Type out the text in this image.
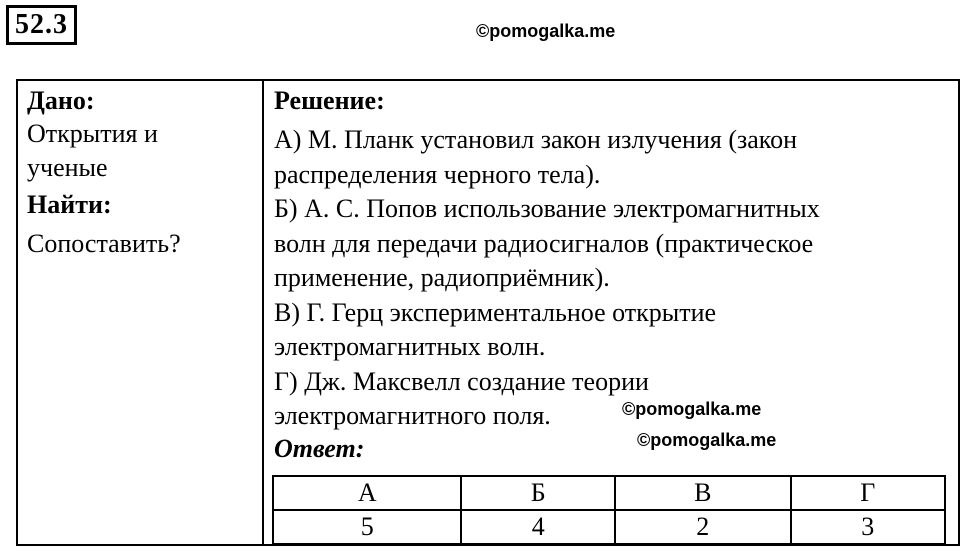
52.3	©pomogalka.me
Дано:
Открытия и
ученые
Найти:
Сопоставить?
Решение:
А) М. Планк установил закон излучения (закон
распределения черного тела).
Б) А. С. Попов использование электромагнитных
волн для передачи радиосигналов (практическое
применение, радиоприёмник).
В) Г. Герц экспериментальное открытие
электромагнитных волн.
Г) Дж. Максвелл создание теории
электромагнитного поля.
Ответ:
А	Б	В	Г
5	4	2	3
©pomogalka.me
©pomogalka.me
